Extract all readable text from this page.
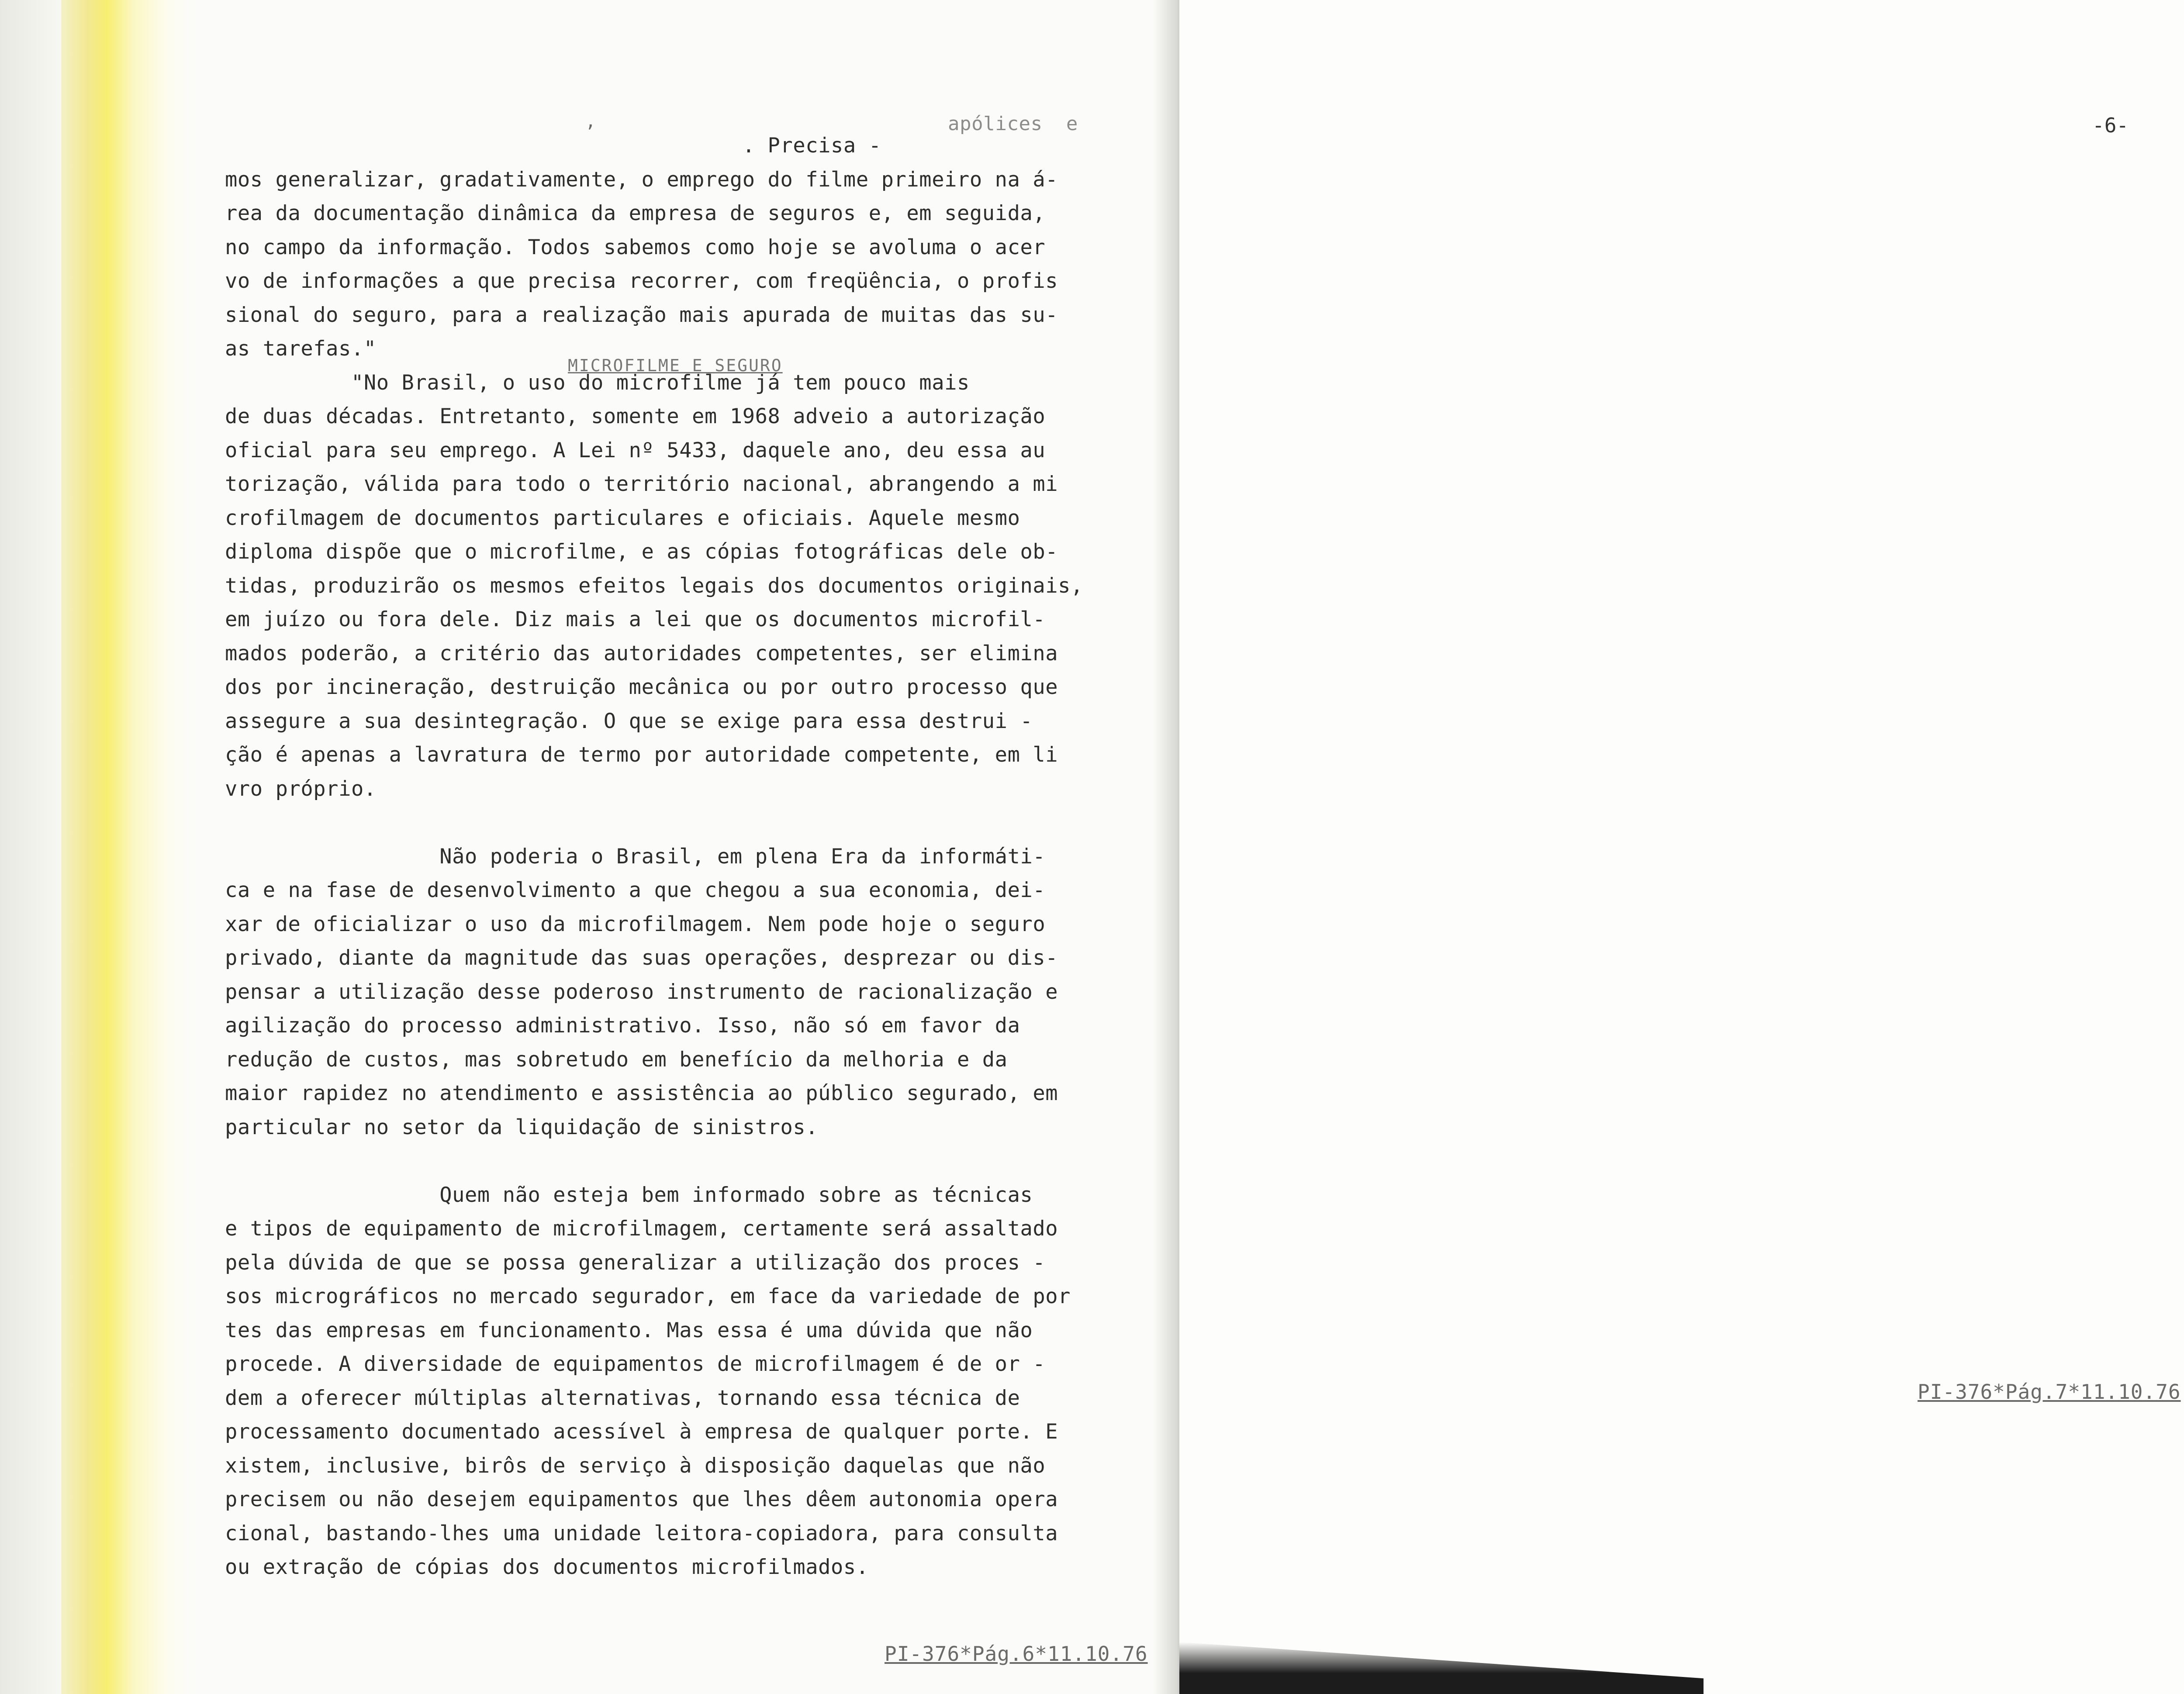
apólices  e
,
MICROFILME E SEGURO
. Precisa -
mos generalizar, gradativamente, o emprego do filme primeiro na á-
rea da documentação dinâmica da empresa de seguros e, em seguida,
no campo da informação. Todos sabemos como hoje se avoluma o acer
vo de informações a que precisa recorrer, com freqüência, o profis
sional do seguro, para a realização mais apurada de muitas das su-
as tarefas."
"No Brasil, o uso do microfilme já tem pouco mais
de duas décadas. Entretanto, somente em 1968 adveio a autorização
oficial para seu emprego. A Lei nº 5433, daquele ano, deu essa au
torização, válida para todo o território nacional, abrangendo a mi
crofilmagem de documentos particulares e oficiais. Aquele mesmo
diploma dispõe que o microfilme, e as cópias fotográficas dele ob-
tidas, produzirão os mesmos efeitos legais dos documentos originais,
em juízo ou fora dele. Diz mais a lei que os documentos microfil-
mados poderão, a critério das autoridades competentes, ser elimina
dos por incineração, destruição mecânica ou por outro processo que
assegure a sua desintegração. O que se exige para essa destrui -
ção é apenas a lavratura de termo por autoridade competente, em li
vro próprio.

Não poderia o Brasil, em plena Era da informáti-
ca e na fase de desenvolvimento a que chegou a sua economia, dei-
xar de oficializar o uso da microfilmagem. Nem pode hoje o seguro
privado, diante da magnitude das suas operações, desprezar ou dis-
pensar a utilização desse poderoso instrumento de racionalização e
agilização do processo administrativo. Isso, não só em favor da
redução de custos, mas sobretudo em benefício da melhoria e da
maior rapidez no atendimento e assistência ao público segurado, em
particular no setor da liquidação de sinistros.

Quem não esteja bem informado sobre as técnicas
e tipos de equipamento de microfilmagem, certamente será assaltado
pela dúvida de que se possa generalizar a utilização dos proces -
sos micrográficos no mercado segurador, em face da variedade de por
tes das empresas em funcionamento. Mas essa é uma dúvida que não
procede. A diversidade de equipamentos de microfilmagem é de or -
dem a oferecer múltiplas alternativas, tornando essa técnica de
processamento documentado acessível à empresa de qualquer porte. E
xistem, inclusive, birôs de serviço à disposição daquelas que não
precisem ou não desejem equipamentos que lhes dêem autonomia opera
cional, bastando-lhes uma unidade leitora-copiadora, para consulta
ou extração de cópias dos documentos microfilmados.
PI-376*Pág.6*11.10.76
-6-

PI-376*Pág.7*11.10.76
